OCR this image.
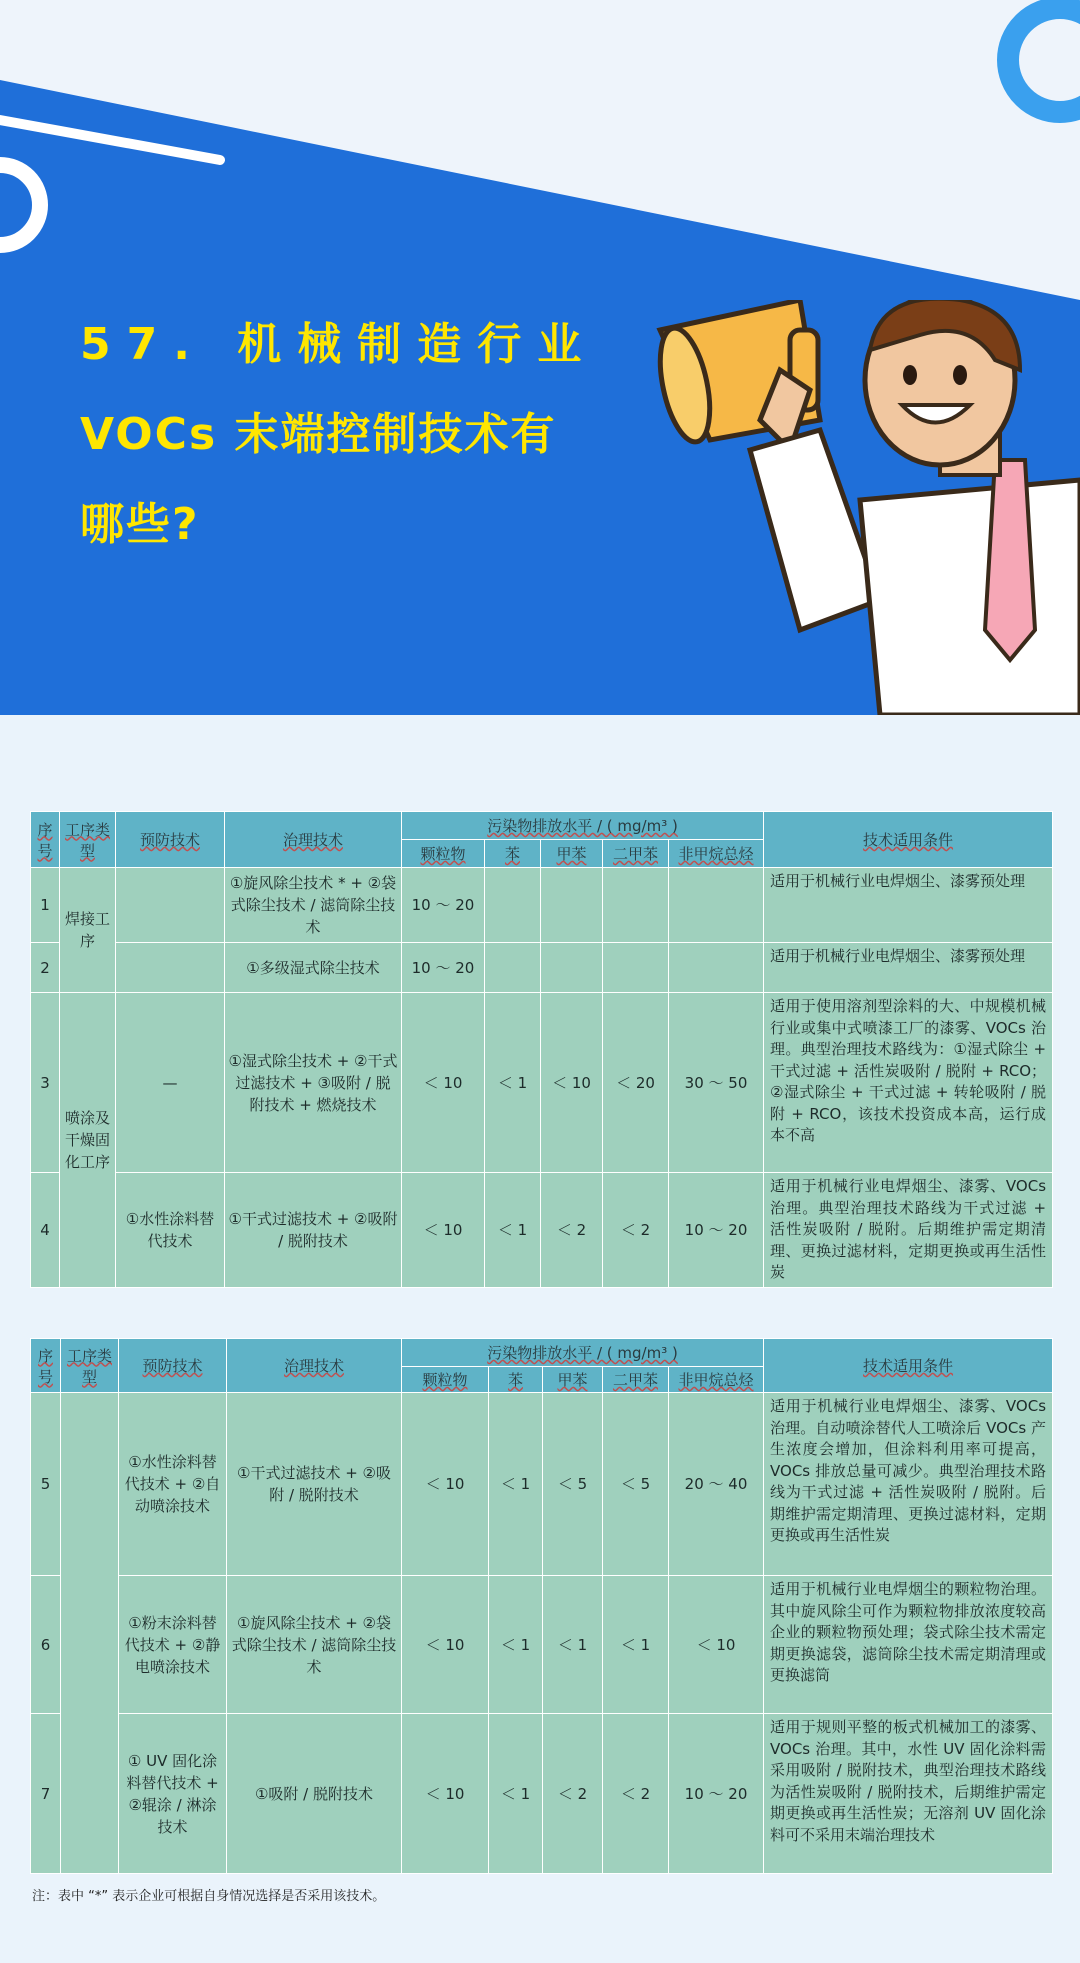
57. 机械制造行业
VOCs 末端控制技术有
哪些?
序号	工序类型	预防技术	治理技术	污染物排放水平 / ( mg/m³ )					技术适用条件
				颗粒物	苯	甲苯	二甲苯	非甲烷总烃	
1	焊接工序		①旋风除尘技术 * + ②袋式除尘技术 / 滤筒除尘技术	10 ～ 20					适用于机械行业电焊烟尘、漆雾预处理
2			①多级湿式除尘技术	10 ～ 20					适用于机械行业电焊烟尘、漆雾预处理
3	喷涂及干燥固化工序	—	①湿式除尘技术 + ②干式过滤技术 + ③吸附 / 脱附技术 + 燃烧技术	＜ 10	＜ 1	＜ 10	＜ 20	30 ～ 50	适用于使用溶剂型涂料的大、中规模机械行业或集中式喷漆工厂的漆雾、VOCs 治理。典型治理技术路线为：①湿式除尘 + 干式过滤 + 活性炭吸附 / 脱附 + RCO；②湿式除尘 + 干式过滤 + 转轮吸附 / 脱附 + RCO，该技术投资成本高，运行成本不高
4		①水性涂料替代技术	①干式过滤技术 + ②吸附 / 脱附技术	＜ 10	＜ 1	＜ 2	＜ 2	10 ～ 20	适用于机械行业电焊烟尘、漆雾、VOCs 治理。典型治理技术路线为干式过滤 + 活性炭吸附 / 脱附。后期维护需定期清理、更换过滤材料，定期更换或再生活性炭
序号	工序类型	预防技术	治理技术	污染物排放水平 / ( mg/m³ )					技术适用条件
				颗粒物	苯	甲苯	二甲苯	非甲烷总烃	
5		①水性涂料替代技术 + ②自动喷涂技术	①干式过滤技术 + ②吸附 / 脱附技术	＜ 10	＜ 1	＜ 5	＜ 5	20 ～ 40	适用于机械行业电焊烟尘、漆雾、VOCs 治理。自动喷涂替代人工喷涂后 VOCs 产生浓度会增加，但涂料利用率可提高，VOCs 排放总量可减少。典型治理技术路线为干式过滤 + 活性炭吸附 / 脱附。后期维护需定期清理、更换过滤材料，定期更换或再生活性炭
6		①粉末涂料替代技术 + ②静电喷涂技术	①旋风除尘技术 + ②袋式除尘技术 / 滤筒除尘技术	＜ 10	＜ 1	＜ 1	＜ 1	＜ 10	适用于机械行业电焊烟尘的颗粒物治理。其中旋风除尘可作为颗粒物排放浓度较高企业的颗粒物预处理；袋式除尘技术需定期更换滤袋，滤筒除尘技术需定期清理或更换滤筒
7		① UV 固化涂料替代技术 + ②辊涂 / 淋涂技术	①吸附 / 脱附技术	＜ 10	＜ 1	＜ 2	＜ 2	10 ～ 20	适用于规则平整的板式机械加工的漆雾、VOCs 治理。其中，水性 UV 固化涂料需采用吸附 / 脱附技术，典型治理技术路线为活性炭吸附 / 脱附技术，后期维护需定期更换或再生活性炭；无溶剂 UV 固化涂料可不采用末端治理技术
注：表中 “*” 表示企业可根据自身情况选择是否采用该技术。
